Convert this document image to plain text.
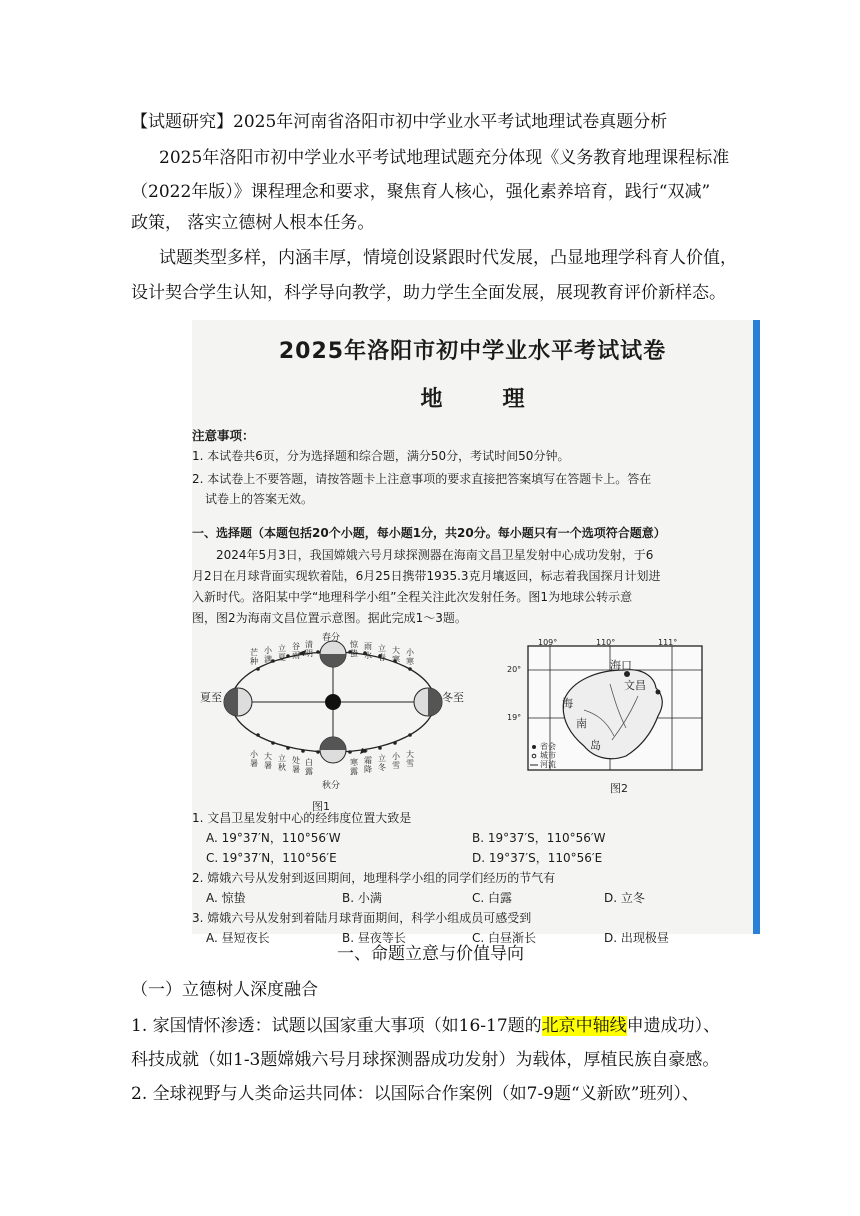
【试题研究】2025年河南省洛阳市初中学业水平考试地理试卷真题分析
2025年洛阳市初中学业水平考试地理试题充分体现《义务教育地理课程标准
（2022年版）》课程理念和要求，聚焦育人核心，强化素养培育，践行“双减”
政策， 落实立德树人根本任务。
试题类型多样，内涵丰厚，情境创设紧跟时代发展，凸显地理学科育人价值，
设计契合学生认知，科学导向教学，助力学生全面发展，展现教育评价新样态。
2025年洛阳市初中学业水平考试试卷
地理
注意事项：
1. 本试卷共6页，分为选择题和综合题，满分50分，考试时间50分钟。
2. 本试卷上不要答题，请按答题卡上注意事项的要求直接把答案填写在答题卡上。答在
试卷上的答案无效。
一、选择题（本题包括20个小题，每小题1分，共20分。每小题只有一个选项符合题意）
2024年5月3日，我国嫦娥六号月球探测器在海南文昌卫星发射中心成功发射，于6
月2日在月球背面实现软着陆，6月25日携带1935.3克月壤返回，标志着我国探月计划进
入新时代。洛阳某中学“地理科学小组”全程关注此次发射任务。图1为地球公转示意
图，图2为海南文昌位置示意图。据此完成1～3题。
夏至	冬至
春分
秋分
图1
109°	110°	111°
20°
19°
海口
文昌
海
南
岛
省会
城市
河流
图2
1. 文昌卫星发射中心的经纬度位置大致是
A. 19°37′N，110°56′W	B. 19°37′S，110°56′W
C. 19°37′N，110°56′E	D. 19°37′S，110°56′E
2. 嫦娥六号从发射到返回期间，地理科学小组的同学们经历的节气有
A. 惊蛰	B. 小满	C. 白露	D. 立冬
3. 嫦娥六号从发射到着陆月球背面期间，科学小组成员可感受到
A. 昼短夜长	B. 昼夜等长	C. 白昼渐长	D. 出现极昼
芒种
小满
立夏
谷雨
清明
惊蛰
雨水
立春
大寒
小寒
小暑
大暑
立秋
处暑
白露
寒露
霜降
立冬
小雪
大雪
一、命题立意与价值导向
（一）立德树人深度融合
1. 家国情怀渗透：试题以国家重大事项（如16-17题的北京中轴线申遗成功）、
科技成就（如1-3题嫦娥六号月球探测器成功发射）为载体，厚植民族自豪感。
2. 全球视野与人类命运共同体：以国际合作案例（如7-9题“义新欧”班列）、
